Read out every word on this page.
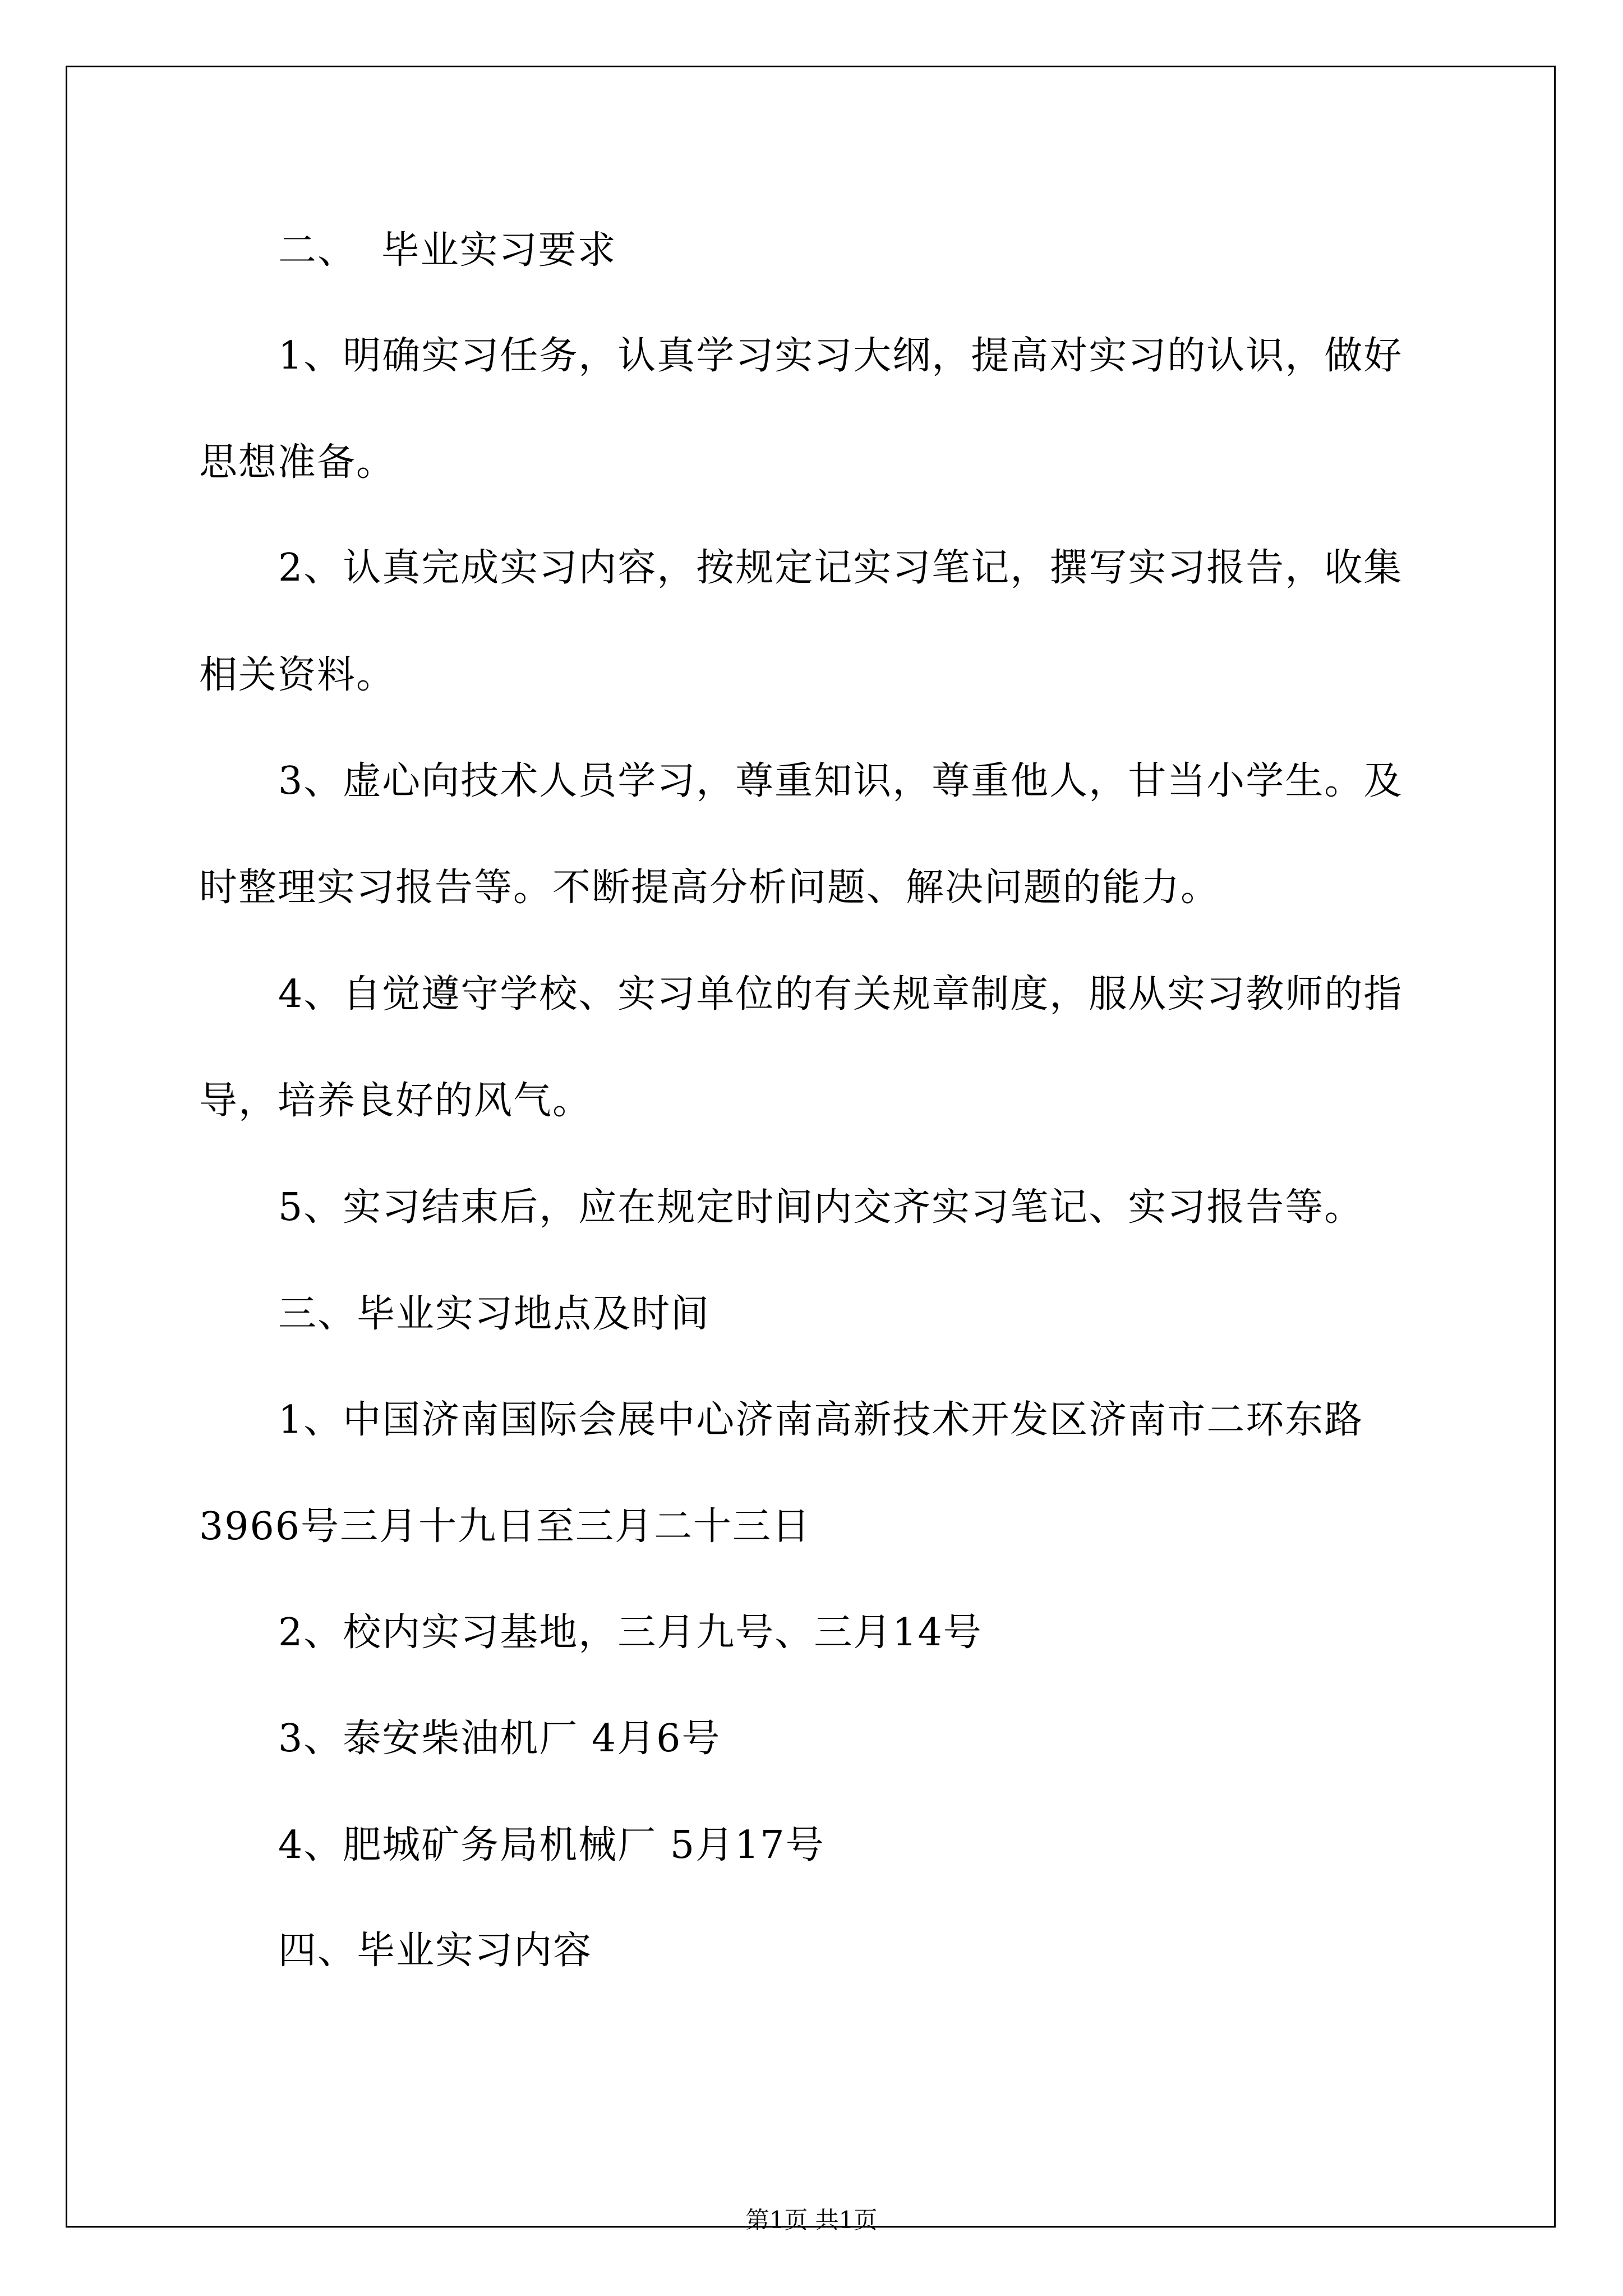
二、 毕业实习要求
1、明确实习任务，认真学习实习大纲，提高对实习的认识，做好
思想准备。
2、认真完成实习内容，按规定记实习笔记，撰写实习报告，收集
相关资料。
3、虚心向技术人员学习，尊重知识，尊重他人，甘当小学生。及
时整理实习报告等。不断提高分析问题、解决问题的能力。
4、自觉遵守学校、实习单位的有关规章制度，服从实习教师的指
导，培养良好的风气。
5、实习结束后，应在规定时间内交齐实习笔记、实习报告等。
三、毕业实习地点及时间
1、中国济南国际会展中心济南高新技术开发区济南市二环东路
3966号三月十九日至三月二十三日
2、校内实习基地，三月九号、三月14号
3、泰安柴油机厂 4月6号
4、肥城矿务局机械厂 5月17号
四、毕业实习内容
第1页 共1页
